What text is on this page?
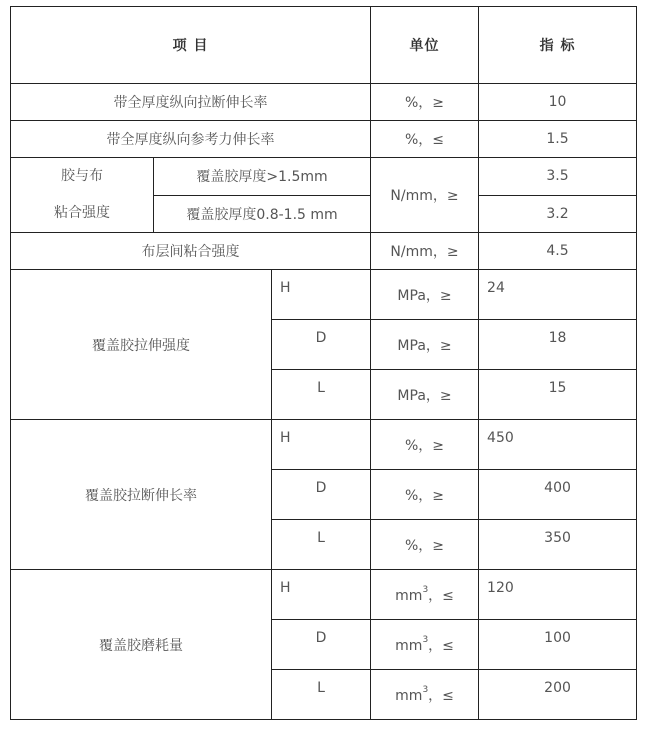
项 目			单位	指 标
带全厚度纵向拉断伸长率			%，≥	10
带全厚度纵向参考力伸长率			%，≤	1.5

胶与布
粘合强度	覆盖胶厚度>1.5mm		N/mm，≥	3.5
	覆盖胶厚度0.8-1.5 mm			3.2
布层间粘合强度			N/mm，≥	4.5
覆盖胶拉伸强度		H	MPa，≥	24
		D	MPa，≥	18
		L	MPa，≥	15
覆盖胶拉断伸长率		H	%，≥	450
		D	%，≥	400
		L	%，≥	350
覆盖胶磨耗量		H	$mm^3$，≤	120
		D	$mm^3$，≤	100
		L	$mm^3$，≤	200
